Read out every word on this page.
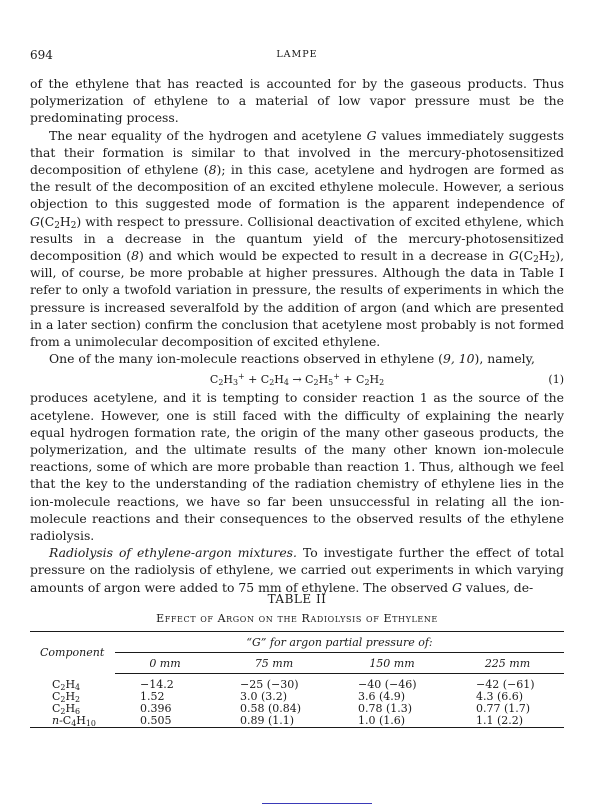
694	LAMPE

of the ethylene that has reacted is accounted for by the gaseous products. Thus polymerization of ethylene to a material of low vapor pressure must be the predominating process.

The near equality of the hydrogen and acetylene G values immediately suggests that their formation is similar to that involved in the mercury-photosensitized decomposition of ethylene (8); in this case, acetylene and hydrogen are formed as the result of the decomposition of an excited ethylene molecule. However, a serious objection to this suggested mode of formation is the apparent independence of $G(C_2H_2)$ with respect to pressure. Collisional deactivation of excited ethylene, which results in a decrease in the quantum yield of the mercury-photosensitized decomposition (8) and which would be expected to result in a decrease in $G(C_2H_2)$, will, of course, be more probable at higher pressures. Although the data in Table I refer to only a twofold variation in pressure, the results of experiments in which the pressure is increased severalfold by the addition of argon (and which are presented in a later section) confirm the conclusion that acetylene most probably is not formed from a unimolecular decomposition of excited ethylene.

One of the many ion-molecule reactions observed in ethylene (9, 10), namely,

$C_2H_3^+ + C_2H_4 \to C_2H_5^+ + C_2H_2$	(1)

produces acetylene, and it is tempting to consider reaction 1 as the source of the acetylene. However, one is still faced with the difficulty of explaining the nearly equal hydrogen formation rate, the origin of the many other gaseous products, the polymerization, and the ultimate results of the many other known ion-molecule reactions, some of which are more probable than reaction 1. Thus, although we feel that the key to the understanding of the radiation chemistry of ethylene lies in the ion-molecule reactions, we have so far been unsuccessful in relating all the ion-molecule reactions and their consequences to the observed results of the ethylene radiolysis.

Radiolysis of ethylene-argon mixtures. To investigate further the effect of total pressure on the radiolysis of ethylene, we carried out experiments in which varying amounts of argon were added to 75 mm of ethylene. The observed G values, de-

TABLE II
Effect of Argon on the Radiolysis of Ethylene
Component	“G” for argon partial pressure of:			
	0 mm	75 mm	150 mm	225 mm
$C_2H_4$	−14.2	−25 (−30)	−40 (−46)	−42 (−61)
$C_2H_2$	1.52	3.0 (3.2)	3.6 (4.9)	4.3 (6.6)
$C_2H_6$	0.396	0.58 (0.84)	0.78 (1.3)	0.77 (1.7)
$n-C_4H_{10}$	0.505	0.89 (1.1)	1.0 (1.6)	1.1 (2.2)
